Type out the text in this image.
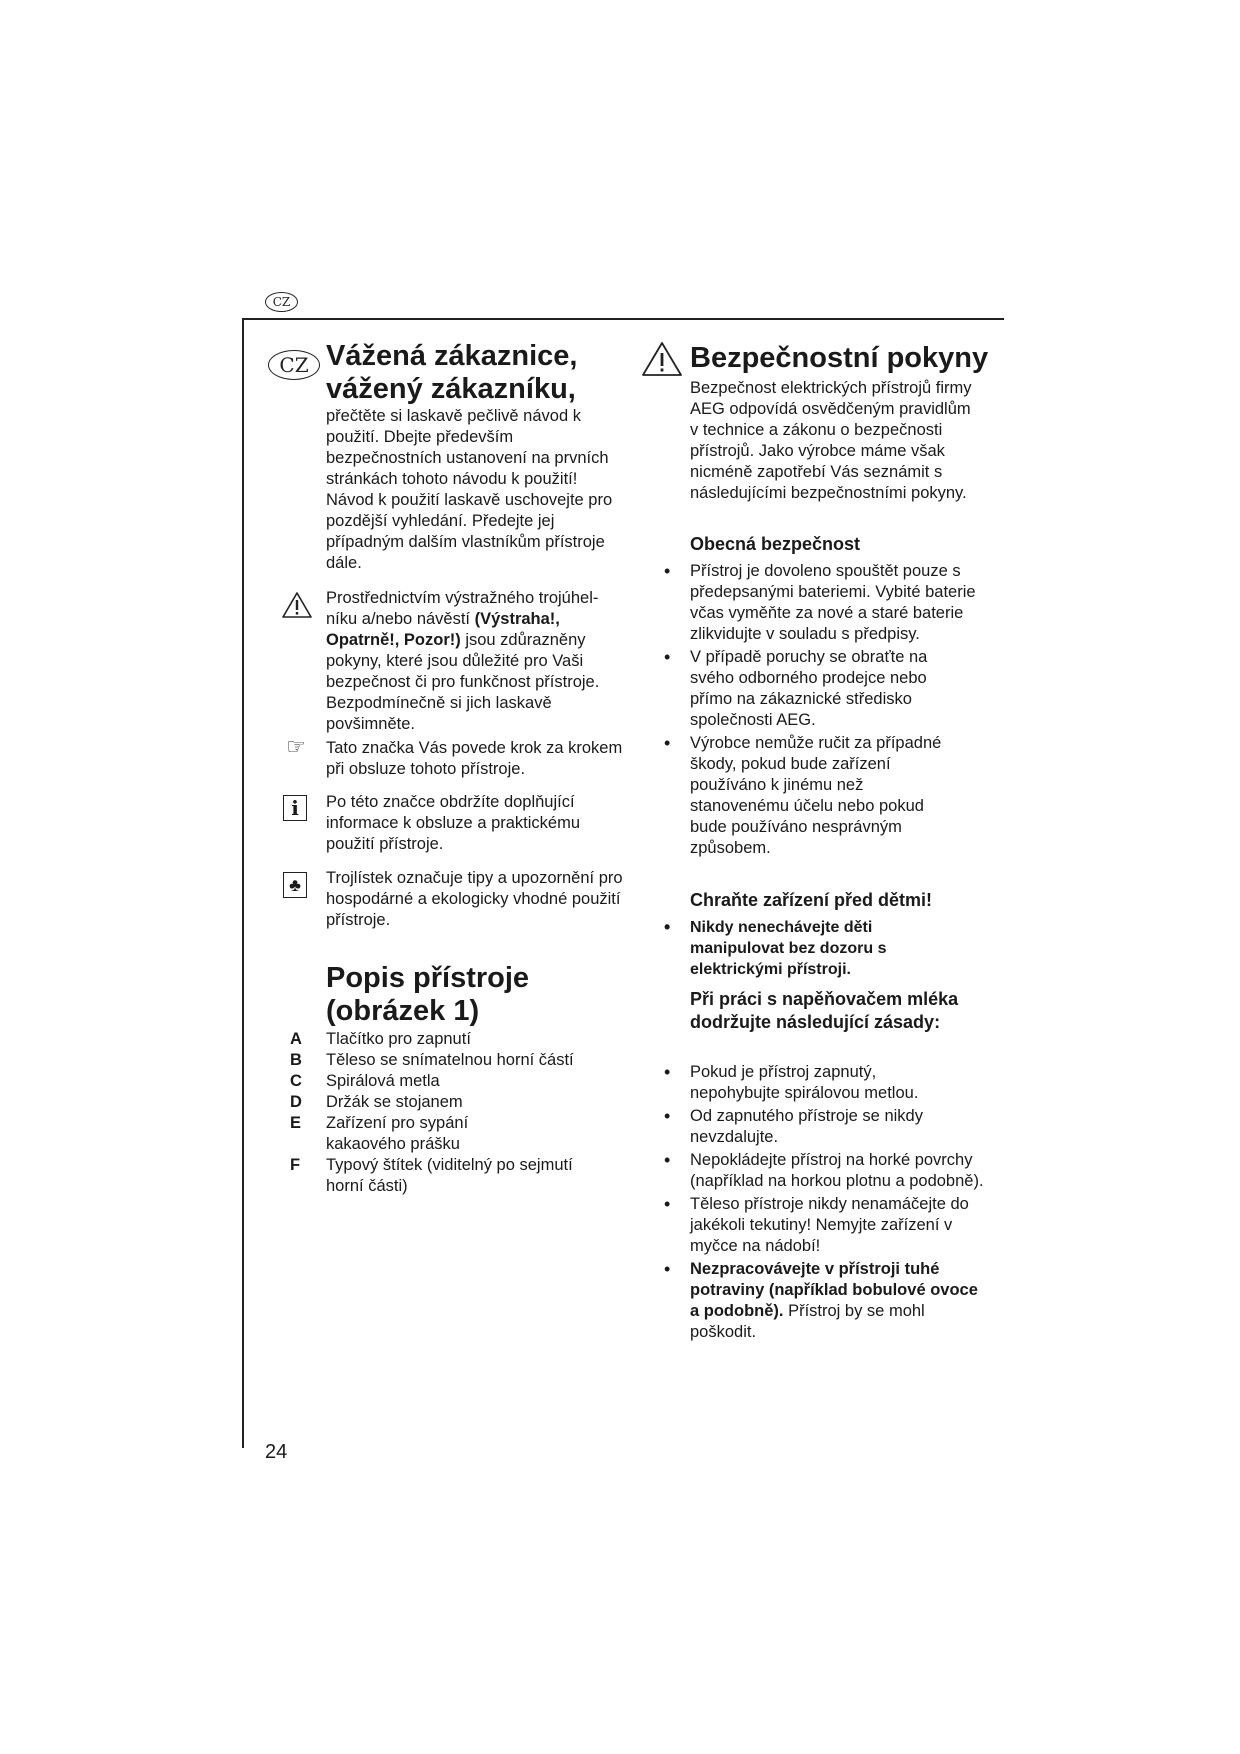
CZ
CZ Vážená zákaznice,
vážený zákazníku,

přečtěte si laskavě pečlivě návod k použití. Dbejte především bezpečnostních ustanovení na prvních stránkách tohoto návodu k použití! Návod k použití laskavě uschovejte pro pozdější vyhledání. Předejte jej případným dalším vlastníkům přístroje dále.

Prostřednictvím výstražného trojúhel-níku a/nebo návěstí (Výstraha!, Opatrně!, Pozor!) jsou zdůrazněny pokyny, které jsou důležité pro Vaši bezpečnost či pro funkčnost přístroje. Bezpodmínečně si jich laskavě povšimněte.

☞	Tato značka Vás povede krok za krokem při obsluze tohoto přístroje.

i	Po této značce obdržíte doplňující informace k obsluze a praktickému použití přístroje.

♣	Trojlístek označuje tipy a upozornění pro hospodárné a ekologicky vhodné použití přístroje.

Popis přístroje
(obrázek 1)
A	Tlačítko pro zapnutí
B	Těleso se snímatelnou horní částí
C	Spirálová metla
D	Držák se stojanem
E	Zařízení pro sypání kakaového prášku
F	Typový štítek (viditelný po sejmutí horní části)
Bezpečnostní pokyny

Bezpečnost elektrických přístrojů firmy AEG odpovídá osvědčeným pravidlům v technice a zákonu o bezpečnosti přístrojů. Jako výrobce máme však nicméně zapotřebí Vás seznámit s následujícími bezpečnostními pokyny.

Obecná bezpečnost
• Přístroj je dovoleno spouštět pouze s předepsanými bateriemi. Vybité baterie včas vyměňte za nové a staré baterie zlikvidujte v souladu s předpisy.
• V případě poruchy se obraťte na svého odborného prodejce nebo přímo na zákaznické středisko společnosti AEG.
• Výrobce nemůže ručit za případné škody, pokud bude zařízení používáno k jinému než stanovenému účelu nebo pokud bude používáno nesprávným způsobem.
Chraňte zařízení před dětmi!
• Nikdy nenechávejte děti manipulovat bez dozoru s elektrickými přístroji.
Při práci s napěňovačem mléka dodržujte následující zásady:
• Pokud je přístroj zapnutý, nepohybujte spirálovou metlou.
• Od zapnutého přístroje se nikdy nevzdalujte.
• Nepokládejte přístroj na horké povrchy (například na horkou plotnu a podobně).
• Těleso přístroje nikdy nenamáčejte do jakékoli tekutiny! Nemyjte zařízení v myčce na nádobí!
• Nezpracovávejte v přístroji tuhé potraviny (například bobulové ovoce a podobně). Přístroj by se mohl poškodit.
24
